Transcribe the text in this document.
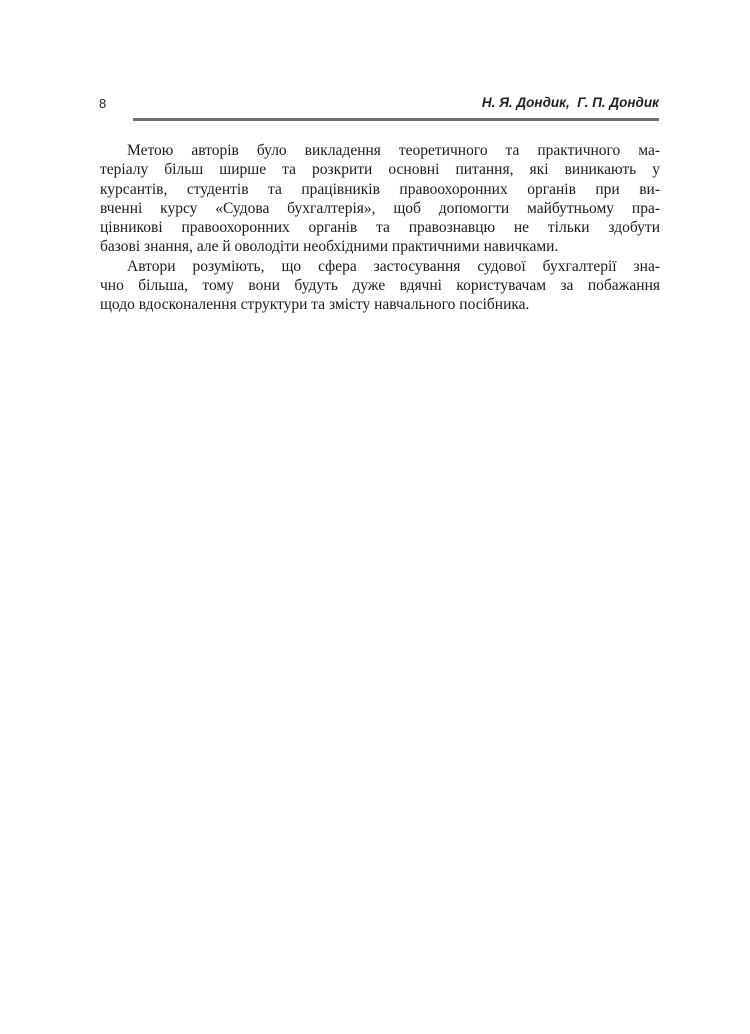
8	Н. Я. Дондик,  Г. П. Дондик
Метою авторів було викладення теоретичного та практичного ма-
теріалу більш ширше та розкрити основні питання, які виникають у
курсантів, студентів та працівників правоохоронних органів при ви-
вченні курсу «Судова бухгалтерія», щоб допомогти майбутньому пра-
цівникові правоохоронних органів та правознавцю не тільки здобути
базові знання, але й оволодіти необхідними практичними навичками.
Автори розуміють, що сфера застосування судової бухгалтерії зна-
чно більша, тому вони будуть дуже вдячні користувачам за побажання
щодо вдосконалення структури та змісту навчального посібника.
